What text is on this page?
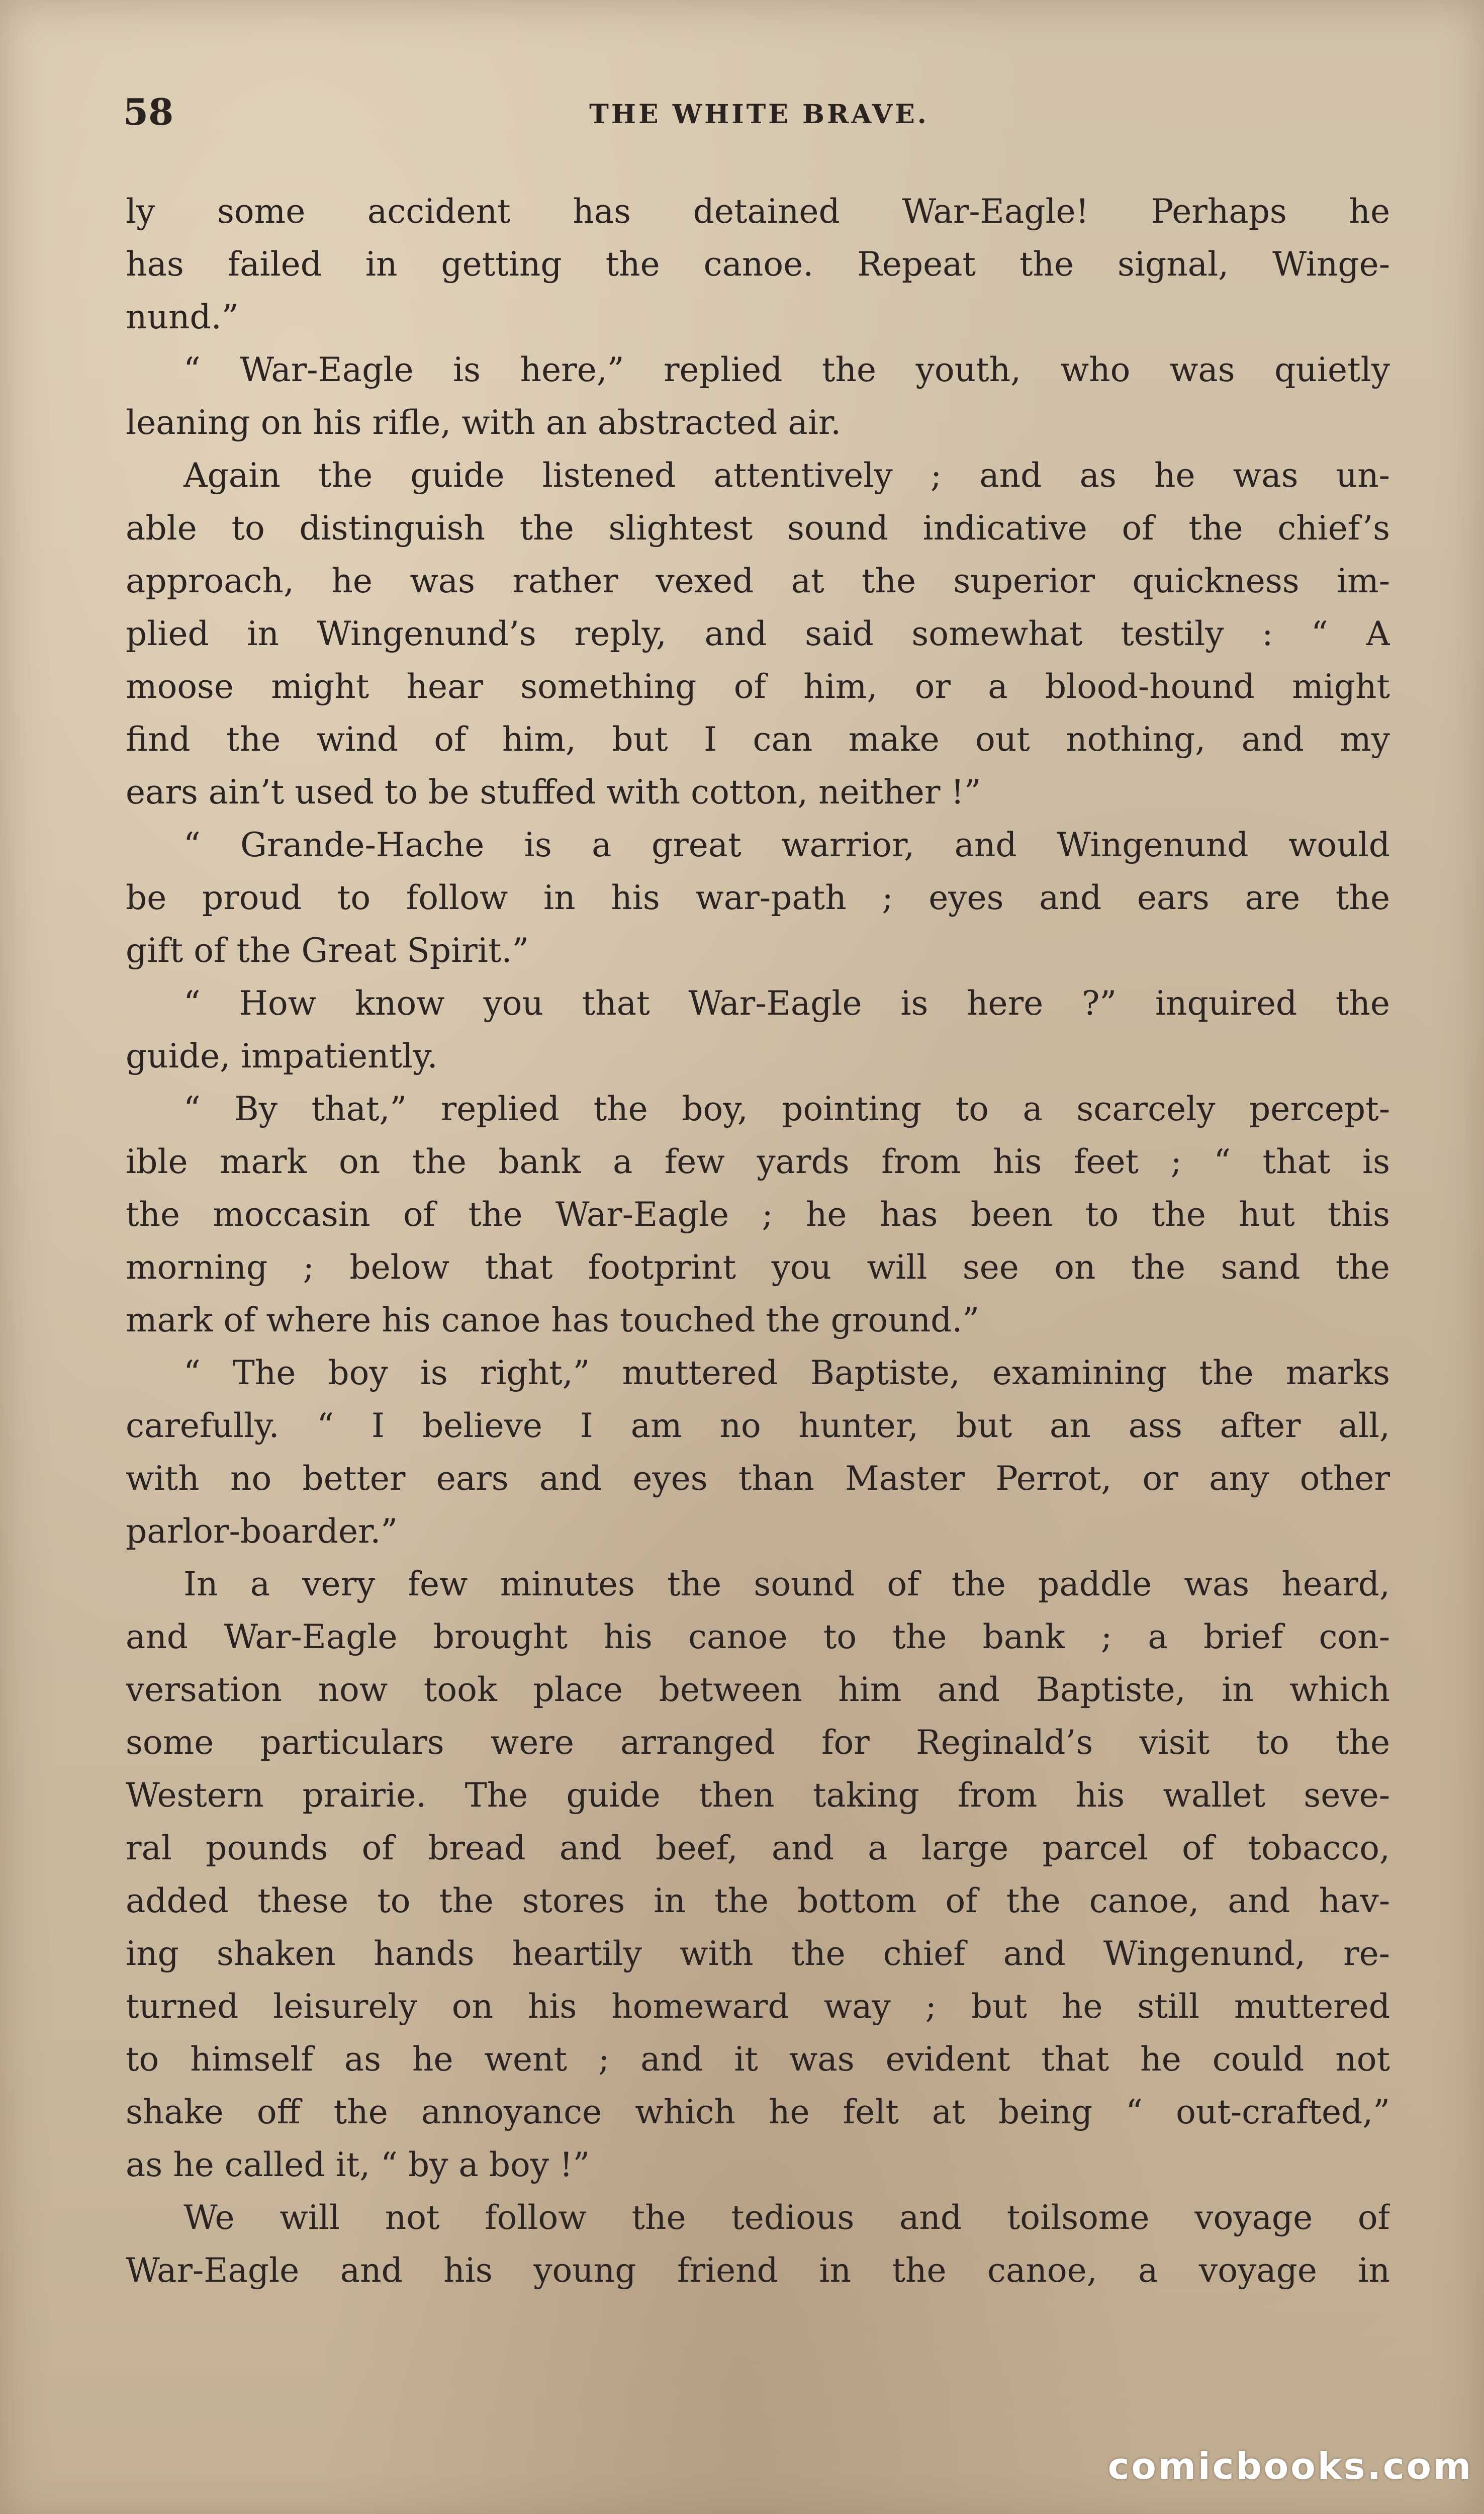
58	THE WHITE BRAVE.
ly some accident has detained War-Eagle! Perhaps he
has failed in getting the canoe. Repeat the signal, Winge-
nund.”
“ War-Eagle is here,” replied the youth, who was quietly
leaning on his rifle, with an abstracted air.
Again the guide listened attentively ; and as he was un-
able to distinguish the slightest sound indicative of the chief’s
approach, he was rather vexed at the superior quickness im-
plied in Wingenund’s reply, and said somewhat testily : “ A
moose might hear something of him, or a blood-hound might
find the wind of him, but I can make out nothing, and my
ears ain’t used to be stuffed with cotton, neither !”
“ Grande-Hache is a great warrior, and Wingenund would
be proud to follow in his war-path ; eyes and ears are the
gift of the Great Spirit.”
“ How know you that War-Eagle is here ?” inquired the
guide, impatiently.
“ By that,” replied the boy, pointing to a scarcely percept-
ible mark on the bank a few yards from his feet ; “ that is
the moccasin of the War-Eagle ; he has been to the hut this
morning ; below that footprint you will see on the sand the
mark of where his canoe has touched the ground.”
“ The boy is right,” muttered Baptiste, examining the marks
carefully. “ I believe I am no hunter, but an ass after all,
with no better ears and eyes than Master Perrot, or any other
parlor-boarder.”
In a very few minutes the sound of the paddle was heard,
and War-Eagle brought his canoe to the bank ; a brief con-
versation now took place between him and Baptiste, in which
some particulars were arranged for Reginald’s visit to the
Western prairie. The guide then taking from his wallet seve-
ral pounds of bread and beef, and a large parcel of tobacco,
added these to the stores in the bottom of the canoe, and hav-
ing shaken hands heartily with the chief and Wingenund, re-
turned leisurely on his homeward way ; but he still muttered
to himself as he went ; and it was evident that he could not
shake off the annoyance which he felt at being “ out-crafted,”
as he called it, “ by a boy !”
We will not follow the tedious and toilsome voyage of
War-Eagle and his young friend in the canoe, a voyage in
comicbooks.com
